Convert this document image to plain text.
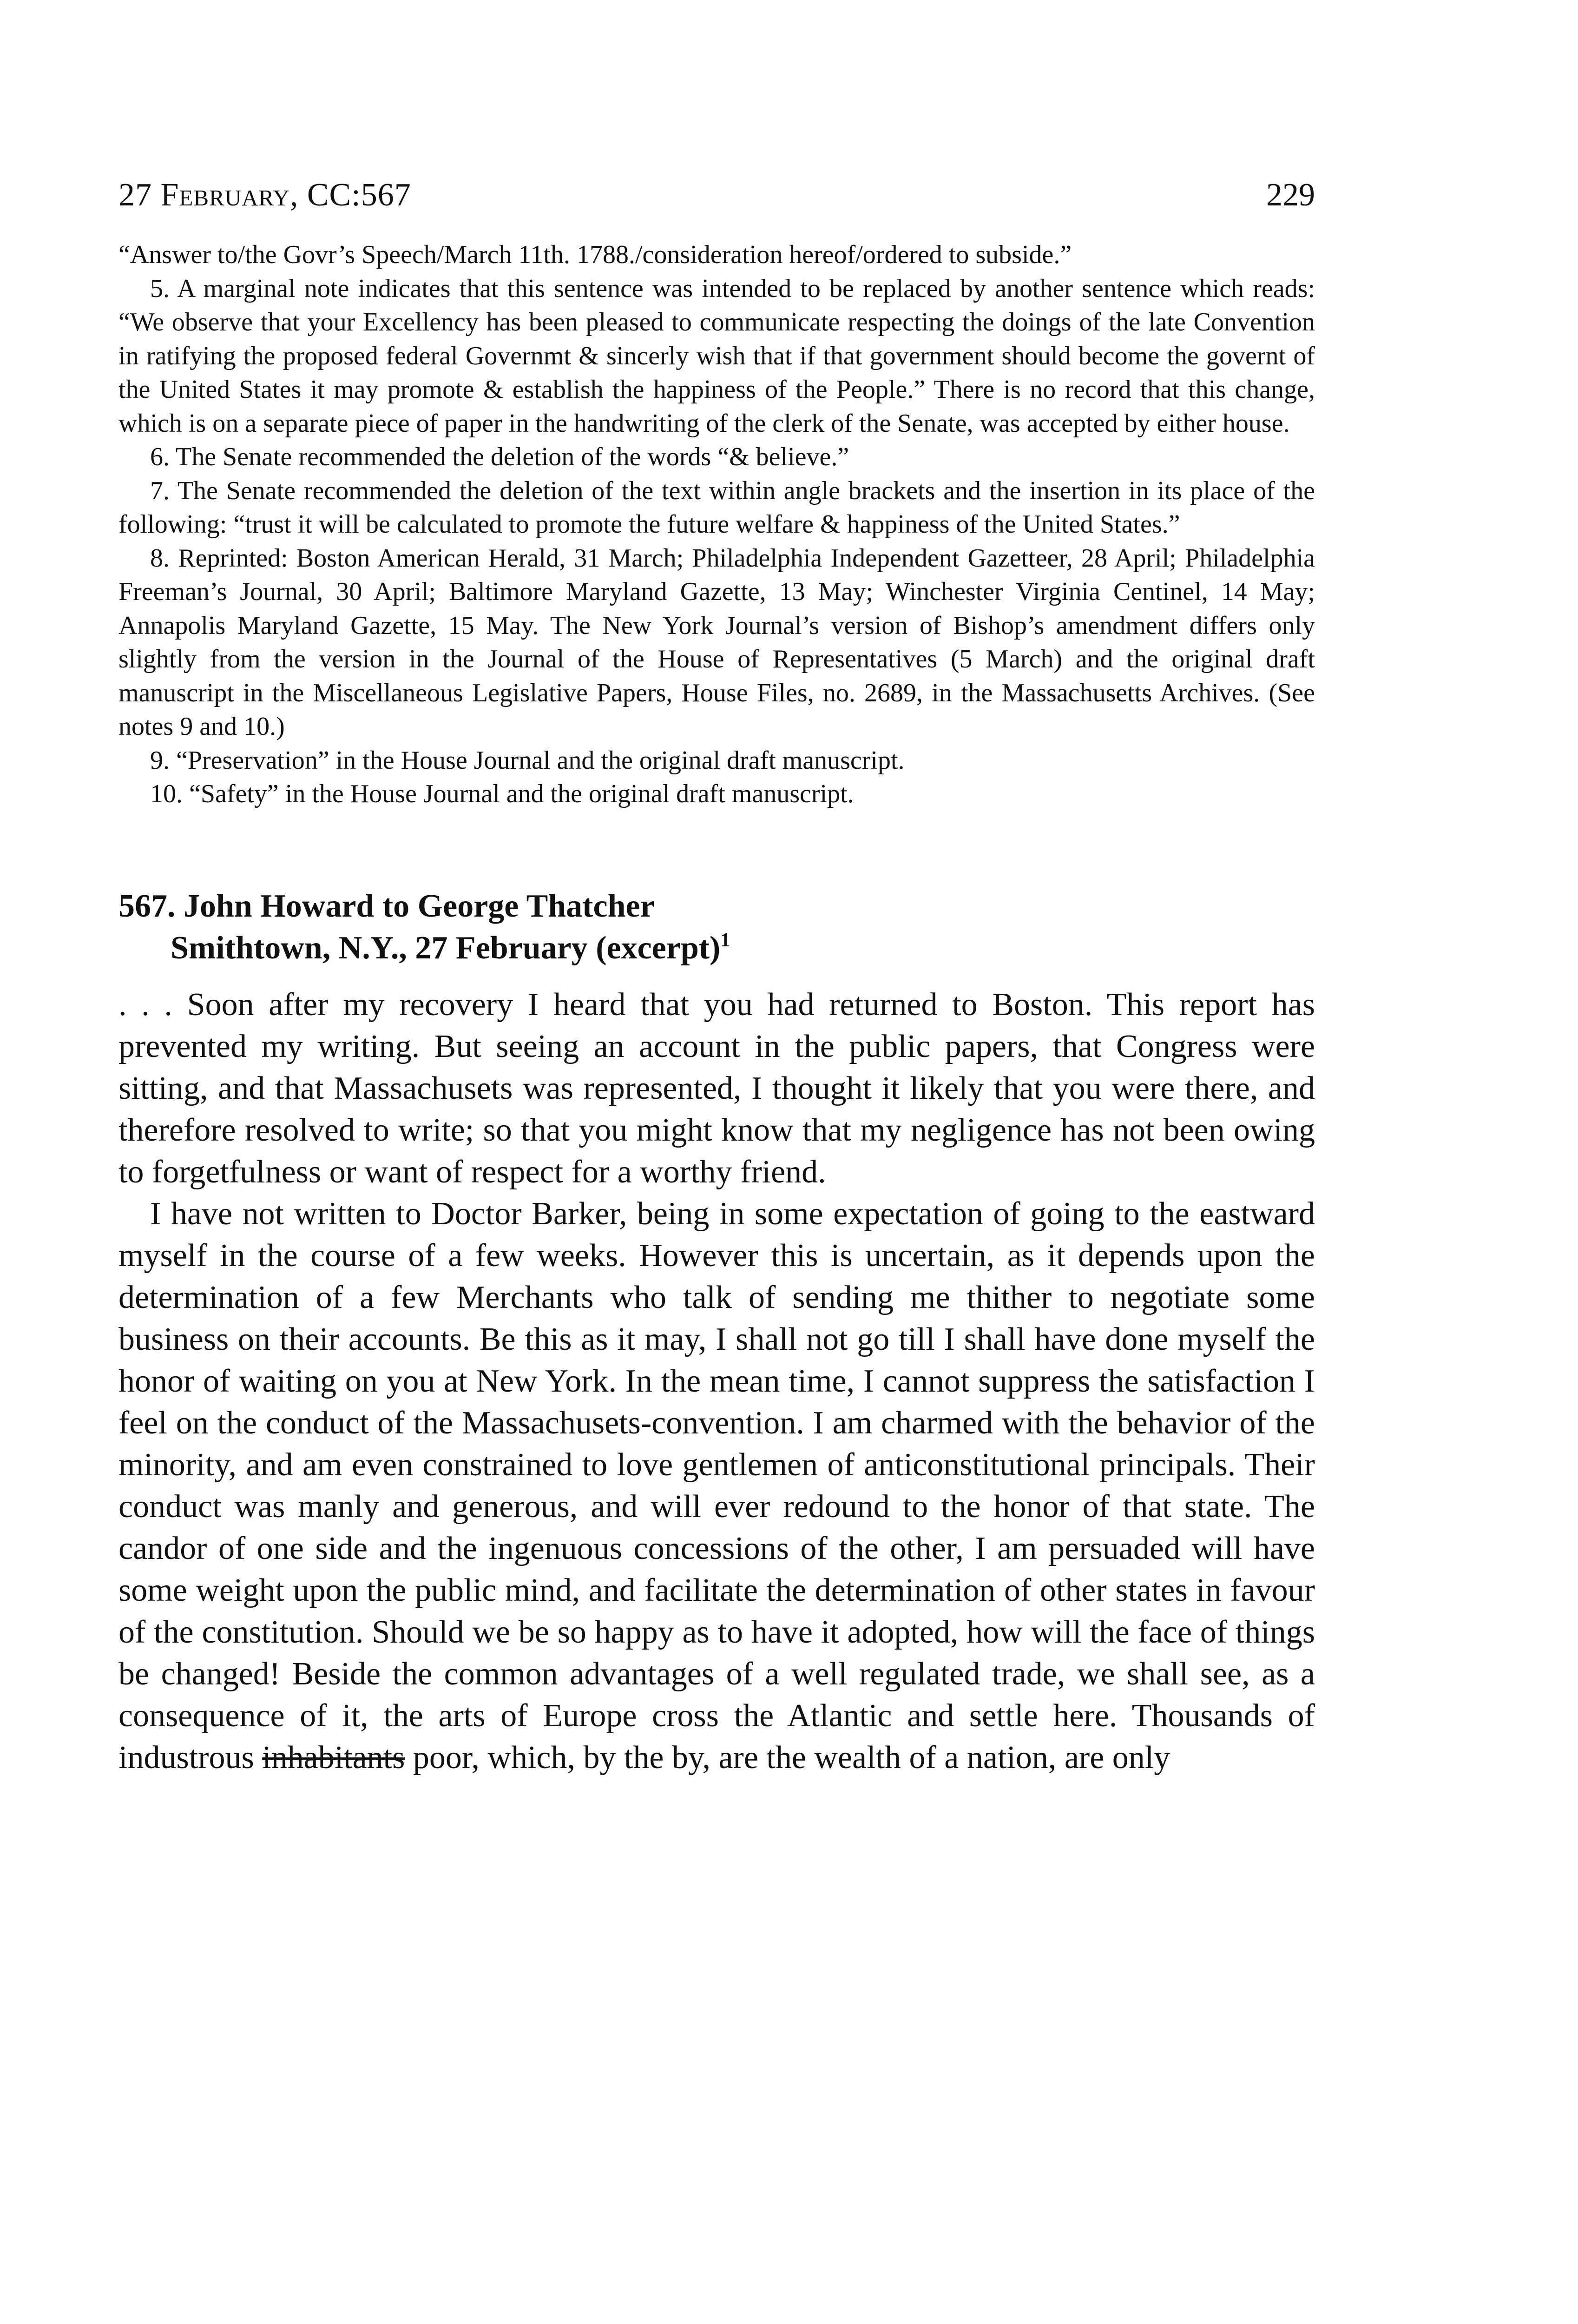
27 February, CC:567	229

“Answer to/the Govr’s Speech/March 11th. 1788./consideration hereof/ordered to subside.”

5. A marginal note indicates that this sentence was intended to be replaced by another sentence which reads: “We observe that your Excellency has been pleased to communicate respecting the doings of the late Convention in ratifying the proposed federal Governmt & sincerly wish that if that government should become the governt of the United States it may promote & establish the happiness of the People.” There is no record that this change, which is on a separate piece of paper in the handwriting of the clerk of the Senate, was accepted by either house.

6. The Senate recommended the deletion of the words “& believe.”

7. The Senate recommended the deletion of the text within angle brackets and the insertion in its place of the following: “trust it will be calculated to promote the future welfare & happiness of the United States.”

8. Reprinted: Boston American Herald, 31 March; Philadelphia Independent Gazetteer, 28 April; Philadelphia Freeman’s Journal, 30 April; Baltimore Maryland Gazette, 13 May; Winchester Virginia Centinel, 14 May; Annapolis Maryland Gazette, 15 May. The New York Journal’s version of Bishop’s amendment differs only slightly from the version in the Journal of the House of Representatives (5 March) and the original draft manuscript in the Miscellaneous Legislative Papers, House Files, no. 2689, in the Massachusetts Archives. (See notes 9 and 10.)

9. “Preservation” in the House Journal and the original draft manuscript.

10. “Safety” in the House Journal and the original draft manuscript.

567. John Howard to George Thatcher
Smithtown, N.Y., 27 February (excerpt)$^1$

. . . Soon after my recovery I heard that you had returned to Boston. This report has prevented my writing. But seeing an account in the public papers, that Congress were sitting, and that Massachusets was represented, I thought it likely that you were there, and therefore resolved to write; so that you might know that my negligence has not been owing to forgetfulness or want of respect for a worthy friend.

I have not written to Doctor Barker, being in some expectation of going to the eastward myself in the course of a few weeks. However this is uncertain, as it depends upon the determination of a few Merchants who talk of sending me thither to negotiate some business on their accounts. Be this as it may, I shall not go till I shall have done myself the honor of waiting on you at New York. In the mean time, I cannot suppress the satisfaction I feel on the conduct of the Massachusets-convention. I am charmed with the behavior of the minority, and am even constrained to love gentlemen of anticonstitutional principals. Their conduct was manly and generous, and will ever redound to the honor of that state. The candor of one side and the ingenuous concessions of the other, I am persuaded will have some weight upon the public mind, and facilitate the determination of other states in favour of the constitution. Should we be so happy as to have it adopted, how will the face of things be changed! Beside the common advantages of a well regulated trade, we shall see, as a consequence of it, the arts of Europe cross the Atlantic and settle here. Thousands of industrous inhabitants poor, which, by the by, are the wealth of a nation, are only
